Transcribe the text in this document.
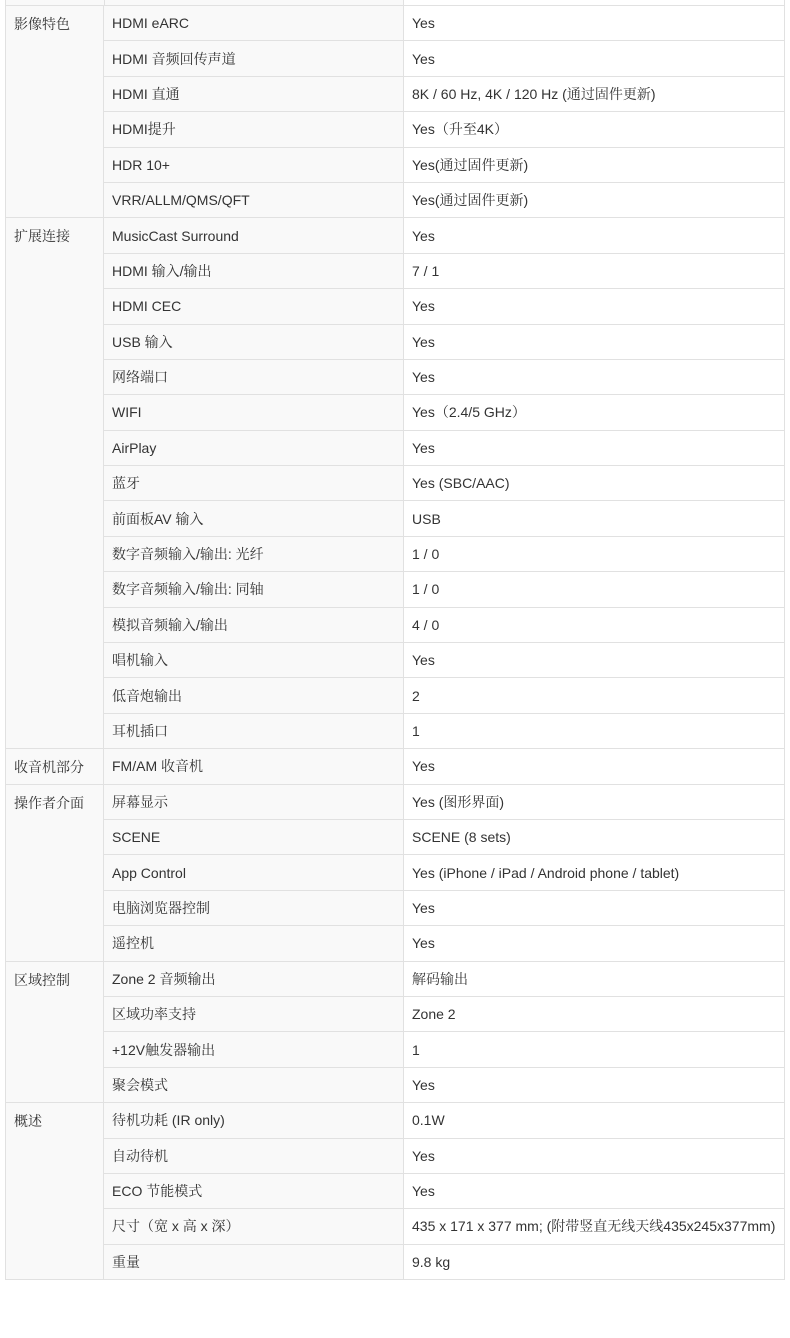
影像特色	HDMI eARC	Yes
	HDMI 音频回传声道	Yes
	HDMI 直通	8K / 60 Hz, 4K / 120 Hz (通过固件更新)
	HDMI提升	Yes（升至4K）
	HDR 10+	Yes(通过固件更新)
	VRR/ALLM/QMS/QFT	Yes(通过固件更新)
扩展连接	MusicCast Surround	Yes
	HDMI 输入/输出	7 / 1
	HDMI CEC	Yes
	USB 输入	Yes
	网络端口	Yes
	WIFI	Yes（2.4/5 GHz）
	AirPlay	Yes
	蓝牙	Yes (SBC/AAC)
	前面板AV 输入	USB
	数字音频输入/输出: 光纤	1 / 0
	数字音频输入/输出: 同轴	1 / 0
	模拟音频输入/输出	4 / 0
	唱机输入	Yes
	低音炮输出	2
	耳机插口	1
收音机部分	FM/AM 收音机	Yes
操作者介面	屏幕显示	Yes (图形界面)
	SCENE	SCENE (8 sets)
	App Control	Yes (iPhone / iPad / Android phone / tablet)
	电脑浏览器控制	Yes
	遥控机	Yes
区域控制	Zone 2 音频输出	解码输出
	区域功率支持	Zone 2
	+12V触发器输出	1
	聚会模式	Yes
概述	待机功耗 (IR only)	0.1W
	自动待机	Yes
	ECO 节能模式	Yes
	尺寸（宽 x 高 x 深）	435 x 171 x 377 mm; (附带竖直无线天线435x245x377mm)
	重量	9.8 kg
